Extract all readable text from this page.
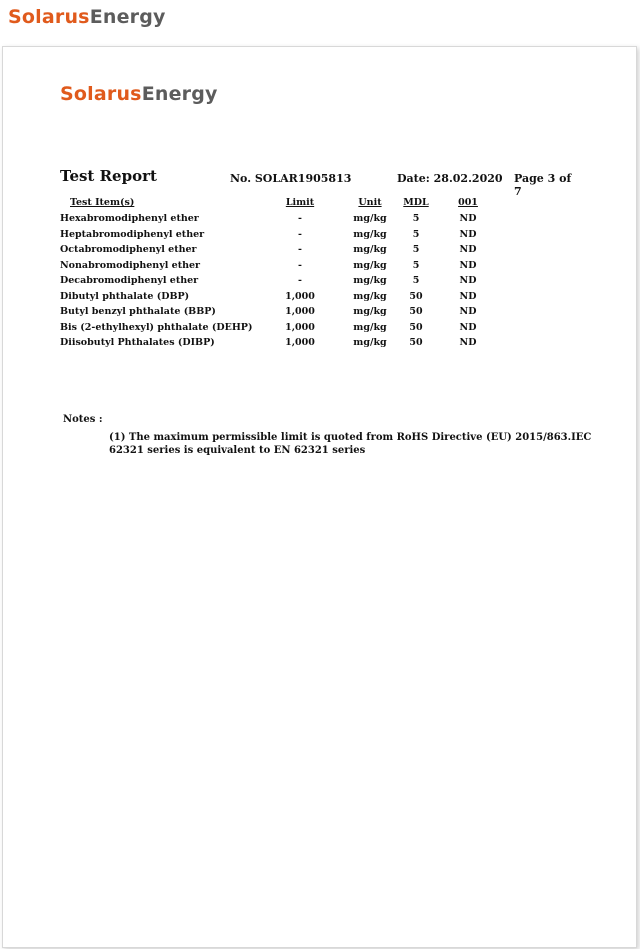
SolarusEnergy
SolarusEnergy
Test Report	No. SOLAR1905813	Date: 28.02.2020 Page 3 of 7
Test Item(s)	Limit	Unit	MDL	001
Hexabromodiphenyl ether	-	mg/kg	5	ND
Heptabromodiphenyl ether	-	mg/kg	5	ND
Octabromodiphenyl ether	-	mg/kg	5	ND
Nonabromodiphenyl ether	-	mg/kg	5	ND
Decabromodiphenyl ether	-	mg/kg	5	ND
Dibutyl phthalate (DBP)	1,000	mg/kg	50	ND
Butyl benzyl phthalate (BBP)	1,000	mg/kg	50	ND
Bis (2-ethylhexyl) phthalate (DEHP)	1,000	mg/kg	50	ND
Diisobutyl Phthalates (DIBP)	1,000	mg/kg	50	ND
Notes :
(1) The maximum permissible limit is quoted from RoHS Directive (EU) 2015/863.IEC 62321 series is equivalent to EN 62321 series
